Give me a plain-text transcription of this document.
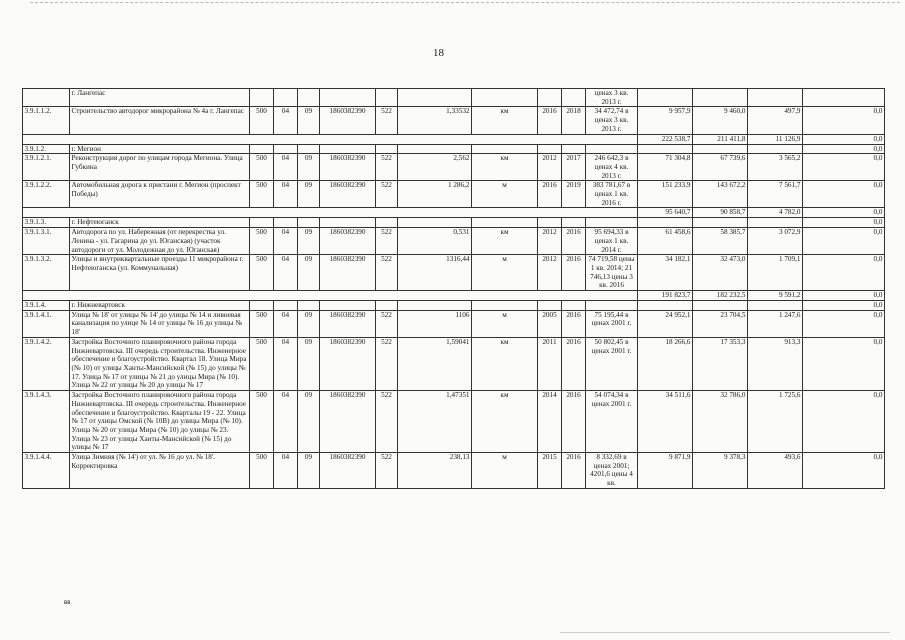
18
	г. Лангепас										ценах 3 кв. 2013 г.				
3.9.1.1.2.	Строительство автодорог микрорайона № 4а г. Лангепас	500	04	09	1860382390	522	1,33532	км	2016	2018	34 472,74 в ценах 3 кв. 2013 г.	9 957,9	9 460,0	497,9	0,0
												222 538,7	211 411,8	11 126,9	0,0
3.9.1.2.	г. Мегион														0,0
3.9.1.2.1.	Реконструкция дорог по улицам города Мегиона. Улица Губкина	500	04	09	1860382390	522	2,562	км	2012	2017	246 642,3 в ценах 4 кв. 2013 г.	71 304,8	67 739,6	3 565,2	0,0
3.9.1.2.2.	Автомобильная дорога к пристани г. Мегион (проспект Победы)	500	04	09	1860382390	522	1 286,2	м	2016	2019	383 781,67 в ценах 1 кв. 2016 г.	151 233,9	143 672,2	7 561,7	0,0
												95 640,7	90 858,7	4 782,0	0,0
3.9.1.3.	г. Нефтеюганск														0,0
3.9.1.3.1.	Автодорога по ул. Набережная (от перекрестка ул. Ленина - ул. Гагарина до ул. Юганская) (участок автодороги от ул. Молодежная до ул. Юганская)	500	04	09	1860382390	522	0,531	км	2012	2016	95 694,33 в ценах 1 кв. 2014 г.	61 458,6	58 385,7	3 072,9	0,0
3.9.1.3.2.	Улицы и внутриквартальные проезды 11 микрорайона г. Нефтеюганска (ул. Коммунальная)	500	04	09	1860382390	522	1316,44	м	2012	2016	74 719,58 цены 1 кв. 2014; 21 746,13 цены 3 кв. 2016	34 182,1	32 473,0	1 709,1	0,0
												191 823,7	182 232,5	9 591,2	0,0
3.9.1.4.	г. Нижневартовск														0,0
3.9.1.4.1.	Улица № 18' от улицы № 14' до улицы № 14 и ливневая канализация по улице № 14 от улицы № 16 до улицы № 18'	500	04	09	1860382390	522	1106	м	2005	2016	75 195,44 в ценах 2001 г.	24 952,1	23 704,5	1 247,6	0,0
3.9.1.4.2.	Застройка Восточного планировочного района города Нижневартовска. III очередь строительства. Инженерное обеспечение и благоустройство. Квартал 18. Улица Мира (№ 10) от улицы Ханты-Мансийской (№ 15) до улицы № 17. Улица № 17 от улицы № 21 до улицы Мира (№ 10). Улица № 22 от улицы № 20 до улицы № 17	500	04	09	1860382390	522	1,59041	км	2011	2016	50 802,45 в ценах 2001 г.	18 266,6	17 353,3	913,3	0,0
3.9.1.4.3.	Застройка Восточного планировочного района города Нижневартовска. III очередь строительства. Инженерное обеспечение и благоустройство. Кварталы 19 - 22. Улица № 17 от улицы Омской (№ 10В) до улицы Мира (№ 10). Улица № 20 от улицы Мира (№ 10) до улицы № 23. Улица № 23 от улицы Ханты-Мансийской (№ 15) до улицы № 17	500	04	09	1860382390	522	1,47351	км	2014	2016	54 074,34 в ценах 2001 г.	34 511,6	32 786,0	1 725,6	0,0
3.9.1.4.4.	Улица Зимняя (№ 14') от ул. № 16 до ул. № 18'. Корректировка	500	04	09	1860382390	522	238,13	м	2015	2016	8 332,69 в ценах 2001; 4201,6 цены 4 кв.	9 871,9	9 378,3	493,6	0,0
вв
